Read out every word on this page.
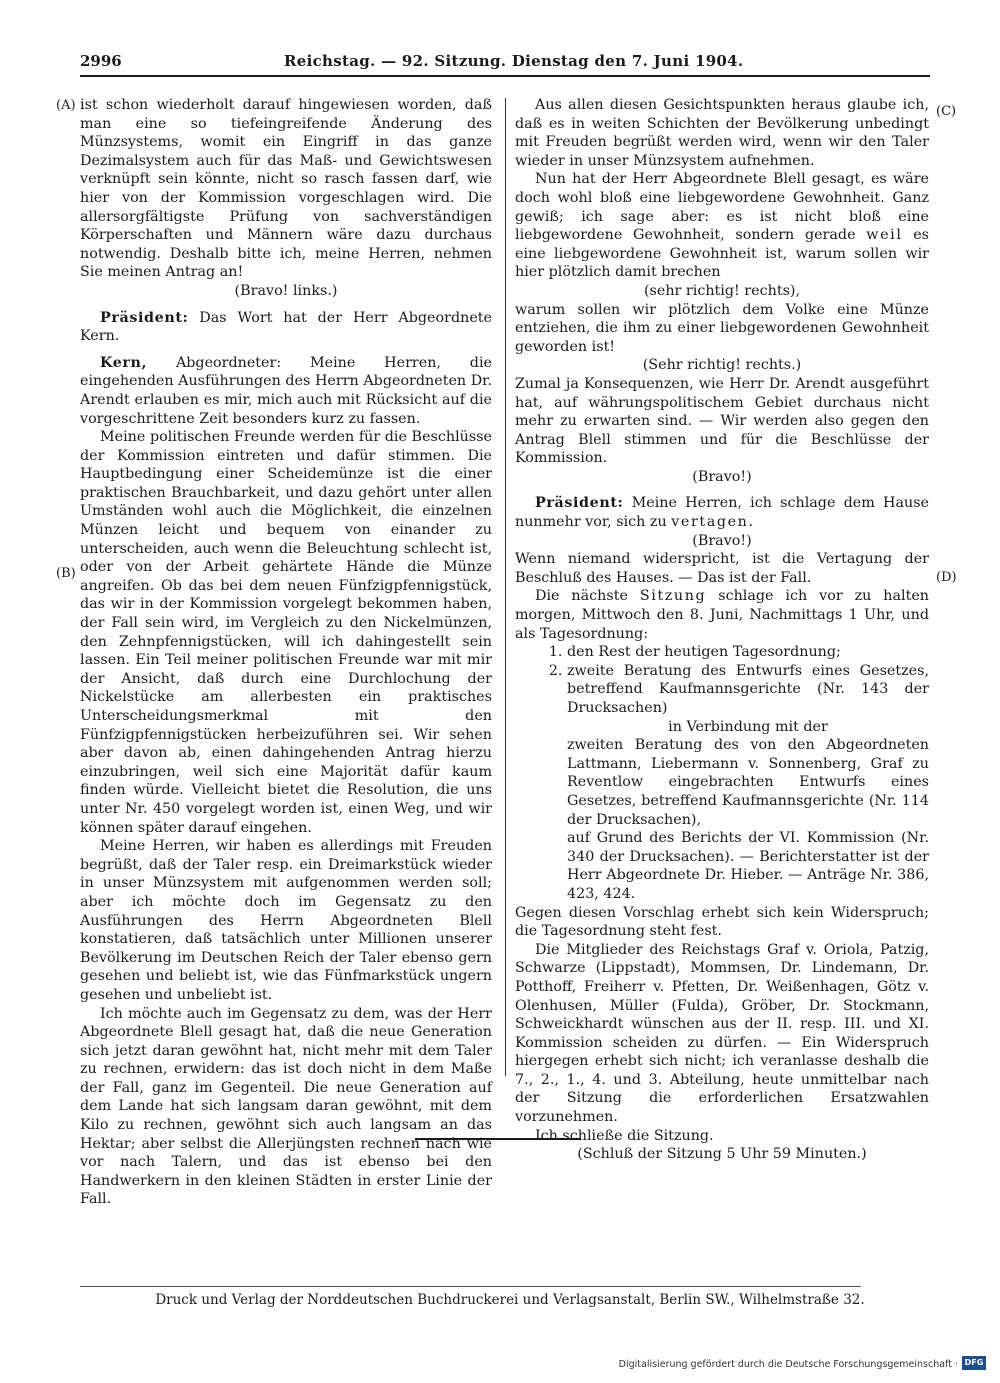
2996	Reichstag. — 92. Sitzung. Dienstag den 7. Juni 1904.
(A)
(B)
(C)
(D)

ist schon wiederholt darauf hingewiesen worden, daß man eine so tiefeingreifende Änderung des Münzsystems, womit ein Eingriff in das ganze Dezimalsystem auch für das Maß- und Gewichtswesen verknüpft sein könnte, nicht so rasch fassen darf, wie hier von der Kommission vorgeschlagen wird. Die allersorgfältigste Prüfung von sachverständigen Körperschaften und Männern wäre dazu durchaus notwendig. Deshalb bitte ich, meine Herren, nehmen Sie meinen Antrag an!

(Bravo! links.)

Präsident: Das Wort hat der Herr Abgeordnete Kern.

Kern, Abgeordneter: Meine Herren, die eingehenden Ausführungen des Herrn Abgeordneten Dr. Arendt erlauben es mir, mich auch mit Rücksicht auf die vorgeschrittene Zeit besonders kurz zu fassen.

Meine politischen Freunde werden für die Beschlüsse der Kommission eintreten und dafür stimmen. Die Hauptbedingung einer Scheidemünze ist die einer praktischen Brauchbarkeit, und dazu gehört unter allen Umständen wohl auch die Möglichkeit, die einzelnen Münzen leicht und bequem von einander zu unterscheiden, auch wenn die Beleuchtung schlecht ist, oder von der Arbeit gehärtete Hände die Münze angreifen. Ob das bei dem neuen Fünfzigpfennigstück, das wir in der Kommission vorgelegt bekommen haben, der Fall sein wird, im Vergleich zu den Nickelmünzen, den Zehnpfennigstücken, will ich dahingestellt sein lassen. Ein Teil meiner politischen Freunde war mit mir der Ansicht, daß durch eine Durchlochung der Nickelstücke am allerbesten ein praktisches Unterscheidungsmerkmal mit den Fünfzigpfennigstücken herbeizuführen sei. Wir sehen aber davon ab, einen dahingehenden Antrag hierzu einzubringen, weil sich eine Majorität dafür kaum finden würde. Vielleicht bietet die Resolution, die uns unter Nr. 450 vorgelegt worden ist, einen Weg, und wir können später darauf eingehen.

Meine Herren, wir haben es allerdings mit Freuden begrüßt, daß der Taler resp. ein Dreimarkstück wieder in unser Münzsystem mit aufgenommen werden soll; aber ich möchte doch im Gegensatz zu den Ausführungen des Herrn Abgeordneten Blell konstatieren, daß tatsächlich unter Millionen unserer Bevölkerung im Deutschen Reich der Taler ebenso gern gesehen und beliebt ist, wie das Fünfmarkstück ungern gesehen und unbeliebt ist.

Ich möchte auch im Gegensatz zu dem, was der Herr Abgeordnete Blell gesagt hat, daß die neue Generation sich jetzt daran gewöhnt hat, nicht mehr mit dem Taler zu rechnen, erwidern: das ist doch nicht in dem Maße der Fall, ganz im Gegenteil. Die neue Generation auf dem Lande hat sich langsam daran gewöhnt, mit dem Kilo zu rechnen, gewöhnt sich auch langsam an das Hektar; aber selbst die Allerjüngsten rechnen nach wie vor nach Talern, und das ist ebenso bei den Handwerkern in den kleinen Städten in erster Linie der Fall.

Aus allen diesen Gesichtspunkten heraus glaube ich, daß es in weiten Schichten der Bevölkerung unbedingt mit Freuden begrüßt werden wird, wenn wir den Taler wieder in unser Münzsystem aufnehmen.

Nun hat der Herr Abgeordnete Blell gesagt, es wäre doch wohl bloß eine liebgewordene Gewohnheit. Ganz gewiß; ich sage aber: es ist nicht bloß eine liebgewordene Gewohnheit, sondern gerade weil es eine liebgewordene Gewohnheit ist, warum sollen wir hier plötzlich damit brechen

(sehr richtig! rechts),

warum sollen wir plötzlich dem Volke eine Münze entziehen, die ihm zu einer liebgewordenen Gewohnheit geworden ist!

(Sehr richtig! rechts.)

Zumal ja Konsequenzen, wie Herr Dr. Arendt ausgeführt hat, auf währungspolitischem Gebiet durchaus nicht mehr zu erwarten sind. — Wir werden also gegen den Antrag Blell stimmen und für die Beschlüsse der Kommission.

(Bravo!)

Präsident: Meine Herren, ich schlage dem Hause nunmehr vor, sich zu vertagen.

(Bravo!)

Wenn niemand widerspricht, ist die Vertagung der Beschluß des Hauses. — Das ist der Fall.

Die nächste Sitzung schlage ich vor zu halten morgen, Mittwoch den 8. Juni, Nachmittags 1 Uhr, und als Tagesordnung:

1. den Rest der heutigen Tagesordnung;
2. zweite Beratung des Entwurfs eines Gesetzes, betreffend Kaufmannsgerichte (Nr. 143 der Drucksachen)

in Verbindung mit der

zweiten Beratung des von den Abgeordneten Lattmann, Liebermann v. Sonnenberg, Graf zu Reventlow eingebrachten Entwurfs eines Gesetzes, betreffend Kaufmannsgerichte (Nr. 114 der Drucksachen),

auf Grund des Berichts der VI. Kommission (Nr. 340 der Drucksachen). — Berichterstatter ist der Herr Abgeordnete Dr. Hieber. — Anträge Nr. 386, 423, 424.

Gegen diesen Vorschlag erhebt sich kein Widerspruch; die Tagesordnung steht fest.

Die Mitglieder des Reichstags Graf v. Oriola, Patzig, Schwarze (Lippstadt), Mommsen, Dr. Lindemann, Dr. Potthoff, Freiherr v. Pfetten, Dr. Weißenhagen, Götz v. Olenhusen, Müller (Fulda), Gröber, Dr. Stockmann, Schweickhardt wünschen aus der II. resp. III. und XI. Kommission scheiden zu dürfen. — Ein Widerspruch hiergegen erhebt sich nicht; ich veranlasse deshalb die 7., 2., 1., 4. und 3. Abteilung, heute unmittelbar nach der Sitzung die erforderlichen Ersatzwahlen vorzunehmen.

Ich schließe die Sitzung.

(Schluß der Sitzung 5 Uhr 59 Minuten.)

Druck und Verlag der Norddeutschen Buchdruckerei und Verlagsanstalt, Berlin SW., Wilhelmstraße 32.
Digitalisierung gefördert durch die Deutsche Forschungsgemeinschaft · DFG
